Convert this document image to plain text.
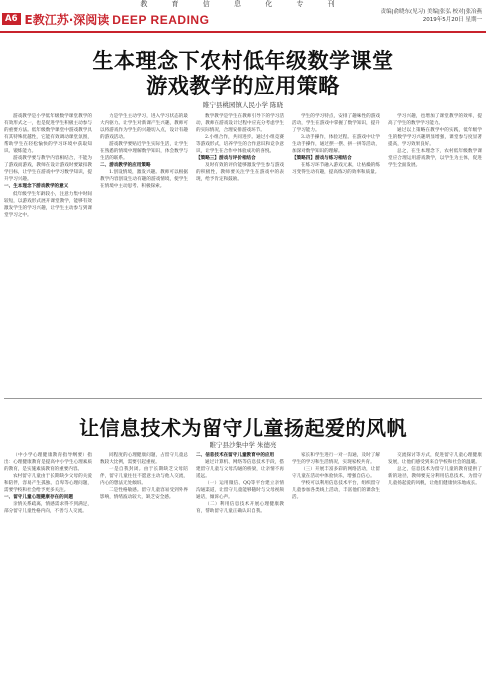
教 育 信 息 化 专 刊
A6 E教江苏·深阅读 DEEP READING
责编|俞晓东(见习) 美编|张弘 校对|张冶燕
2019年5月20日 星期一
生本理念下农村低年级数学课堂
游戏教学的应用策略
睢宁县桃园镇人民小学 陈晓

游戏教学是小学低年级数学课堂教学的有效形式之一，也是促进学生积极主动参与的重要方法。低年级数学课堂中游戏教学具有其特殊优越性，它能有效调动课堂氛围，帮助学生在轻松愉快的学习环境中获取知识、锻炼能力。

游戏教学要与教学内容相结合，不能为了游戏而游戏，教师在设计游戏时要紧扣教学目标，让学生在游戏中学习数学知识，提升学习兴趣。

一、生本理念下游戏教学的意义

低年级学生年龄较小，注意力集中时间较短，以游戏形式展开课堂教学，能够有效激发学生的学习兴趣，让学生主动参与到课堂学习之中。

力是学生主动学习，进入学习状态的最大内驱力。让学生对新课产生兴趣，教师可以将游戏作为学生的兴趣切入点，设计有趣的游戏活动。

游戏教学要贴近学生实际生活，让学生在熟悉的情境中理解数学知识，体会数学与生活的联系。

二、游戏教学的应用策略

1.创设情境，激发兴趣。教师可以根据教学内容创设生动有趣的游戏情境，使学生在情境中主动思考、积极探索。

数学教学是学生在教师引导下的学习活动，教师在游戏设计过程中应充分考虑学生的实际情况，合理安排游戏环节。

2.小组合作，共同进步。通过小组竞赛等游戏形式，培养学生的合作意识和竞争意识，让学生在合作中体验成功的喜悦。

【策略三】游戏与评价相结合

及时有效的评价能够激发学生参与游戏的积极性，教师要关注学生在游戏中的表现，给予肯定和鼓励。

学生的学习特点，安排了趣味性的游戏活动，学生在游戏中掌握了数学知识，提升了学习能力。

3.动手操作，体验过程。在游戏中让学生动手操作，通过摆一摆、拼一拼等活动，加深对数学知识的理解。

【策略四】游戏与练习相结合

在练习环节融入游戏元素，让枯燥的练习变得生动有趣，提高练习的效率和质量。

学习兴趣，也增加了课堂教学的效率，提高了学生的数学学习能力。

通过以上策略在教学中的实践，低年级学生的数学学习兴趣明显增强，课堂参与度显著提高，学习效果良好。

总之，在生本理念下，农村低年级数学课堂应合理运用游戏教学，以学生为主体，促进学生全面发展。

让信息技术为留守儿童扬起爱的风帆
睢宁县沙集中学 朱德亮

（中小学心理健康教育指导纲要）指出：心理健康教育是提高中小学生心理素质的教育，是实施素质教育的重要内容。

农村留守儿童由于长期缺少父母的关爱和陪伴，容易产生孤独、自卑等心理问题，需要学校和社会给予更多关注。

一、留守儿童心理健康存在的问题

亲情关系疏离，情感需求得不到满足，部分留守儿童性格内向，不善与人交流。

同程度的心理健康问题，占留守儿童总数较大比例，需要引起重视。

一是自我封闭。由于长期缺乏父母陪伴，留守儿童往往不愿意主动与他人交流，内心的想法无处倾诉。

二是性格敏感。留守儿童容易受到外界影响，情绪波动较大，缺乏安全感。

二、信息技术在留守儿童教育中的应用

通过计算机、网络等信息技术手段，搭建留守儿童与父母沟通的桥梁，让亲情不再遥远。

（一）运用微信、QQ等平台建立亲情沟通渠道，让留守儿童能够随时与父母视频通话，倾诉心声。

（二）利用信息技术开展心理健康教育，帮助留守儿童正确认识自我。

家长和学生进行一对一沟通，及时了解学生的学习和生活情况，实现家校共育。

（三）开展丰富多彩的网络活动，让留守儿童在活动中体验快乐，增强自信心。

学校可以利用信息技术平台，组织留守儿童参加各类线上活动，丰富他们的课余生活。

交流探讨等方式，促进留守儿童心理健康发展，让他们感受到来自学校和社会的温暖。

总之，信息技术为留守儿童的教育提供了新的途径，教师要充分利用信息技术，为留守儿童扬起爱的风帆，让他们健康快乐地成长。
